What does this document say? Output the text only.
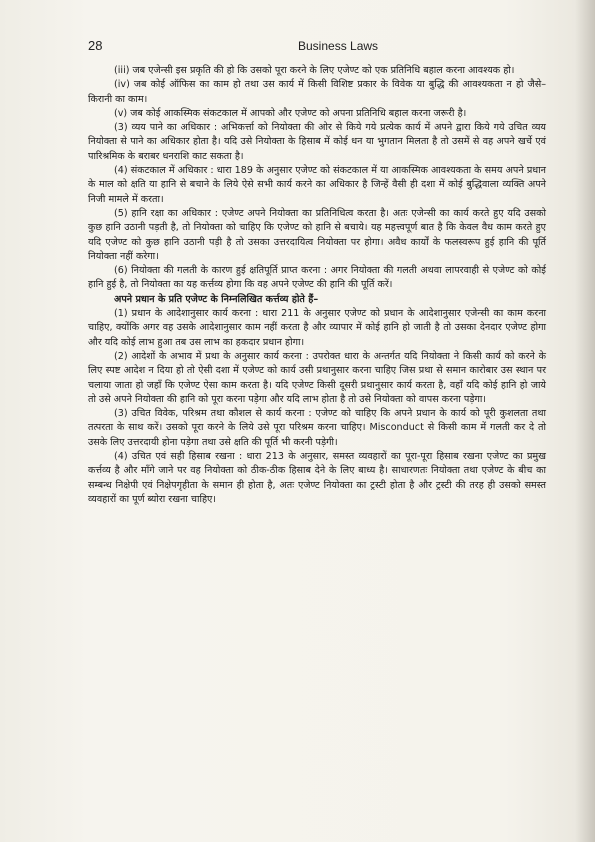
28	Business Laws

(iii) जब एजेन्सी इस प्रकृति की हो कि उसको पूरा करने के लिए एजेण्ट को एक प्रतिनिधि बहाल करना आवश्यक हो।

(iv) जब कोई ऑफिस का काम हो तथा उस कार्य में किसी विशिष्ट प्रकार के विवेक या बुद्धि की आवश्यकता न हो जैसे–किरानी का काम।

(v) जब कोई आकस्मिक संकटकाल में आपको और एजेण्ट को अपना प्रतिनिधि बहाल करना जरूरी है।

(3) व्यय पाने का अधिकार : अभिकर्त्ता को नियोक्ता की ओर से किये गये प्रत्येक कार्य में अपने द्वारा किये गये उचित व्यय नियोक्ता से पाने का अधिकार होता है। यदि उसे नियोक्ता के हिसाब में कोई धन या भुगतान मिलता है तो उसमें से वह अपने खर्चे एवं पारिश्रमिक के बराबर धनराशि काट सकता है।

(4) संकटकाल में अधिकार : धारा 189 के अनुसार एजेण्ट को संकटकाल में या आकस्मिक आवश्यकता के समय अपने प्रधान के माल को क्षति या हानि से बचाने के लिये ऐसे सभी कार्य करने का अधिकार है जिन्हें वैसी ही दशा में कोई बुद्धिवाला व्यक्ति अपने निजी मामले में करता।

(5) हानि रक्षा का अधिकार : एजेण्ट अपने नियोक्ता का प्रतिनिधित्व करता है। अतः एजेन्सी का कार्य करते हुए यदि उसको कुछ हानि उठानी पड़ती है, तो नियोक्ता को चाहिए कि एजेण्ट को हानि से बचाये। यह महत्त्वपूर्ण बात है कि केवल वैध काम करते हुए यदि एजेण्ट को कुछ हानि उठानी पड़ी है तो उसका उत्तरदायित्व नियोक्ता पर होगा। अवैध कार्यों के फलस्वरूप हुई हानि की पूर्ति नियोक्ता नहीं करेगा।

(6) नियोक्ता की गलती के कारण हुई क्षतिपूर्ति प्राप्त करना : अगर नियोक्ता की गलती अथवा लापरवाही से एजेण्ट को कोई हानि हुई है, तो नियोक्ता का यह कर्त्तव्य होगा कि वह अपने एजेण्ट की हानि की पूर्ति करें।

अपने प्रधान के प्रति एजेण्ट के निम्नलिखित कर्त्तव्य होते हैं–

(1) प्रधान के आदेशानुसार कार्य करना : धारा 211 के अनुसार एजेण्ट को प्रधान के आदेशानुसार एजेन्सी का काम करना चाहिए, क्योंकि अगर वह उसके आदेशानुसार काम नहीं करता है और व्यापार में कोई हानि हो जाती है तो उसका देनदार एजेण्ट होगा और यदि कोई लाभ हुआ तब उस लाभ का हकदार प्रधान होगा।

(2) आदेशों के अभाव में प्रथा के अनुसार कार्य करना : उपरोक्त धारा के अन्तर्गत यदि नियोक्ता ने किसी कार्य को करने के लिए स्पष्ट आदेश न दिया हो तो ऐसी दशा में एजेण्ट को कार्य उसी प्रथानुसार करना चाहिए जिस प्रथा से समान कारोबार उस स्थान पर चलाया जाता हो जहाँ कि एजेण्ट ऐसा काम करता है। यदि एजेण्ट किसी दूसरी प्रथानुसार कार्य करता है, वहाँ यदि कोई हानि हो जाये तो उसे अपने नियोक्ता की हानि को पूरा करना पड़ेगा और यदि लाभ होता है तो उसे नियोक्ता को वापस करना पड़ेगा।

(3) उचित विवेक, परिश्रम तथा कौशल से कार्य करना : एजेण्ट को चाहिए कि अपने प्रधान के कार्य को पूरी कुशलता तथा तत्परता के साथ करें। उसको पूरा करने के लिये उसे पूरा परिश्रम करना चाहिए। Misconduct से किसी काम में गलती कर दे तो उसके लिए उत्तरदायी होना पड़ेगा तथा उसे क्षति की पूर्ति भी करनी पड़ेगी।

(4) उचित एवं सही हिसाब रखना : धारा 213 के अनुसार, समस्त व्यवहारों का पूरा-पूरा हिसाब रखना एजेण्ट का प्रमुख कर्त्तव्य है और माँगे जाने पर वह नियोक्ता को ठीक-ठीक हिसाब देने के लिए बाध्य है। साधारणतः नियोक्ता तथा एजेण्ट के बीच का सम्बन्ध निक्षेपी एवं निक्षेपगृहीता के समान ही होता है, अतः एजेण्ट नियोक्ता का ट्रस्टी होता है और ट्रस्टी की तरह ही उसको समस्त व्यवहारों का पूर्ण ब्योरा रखना चाहिए।
